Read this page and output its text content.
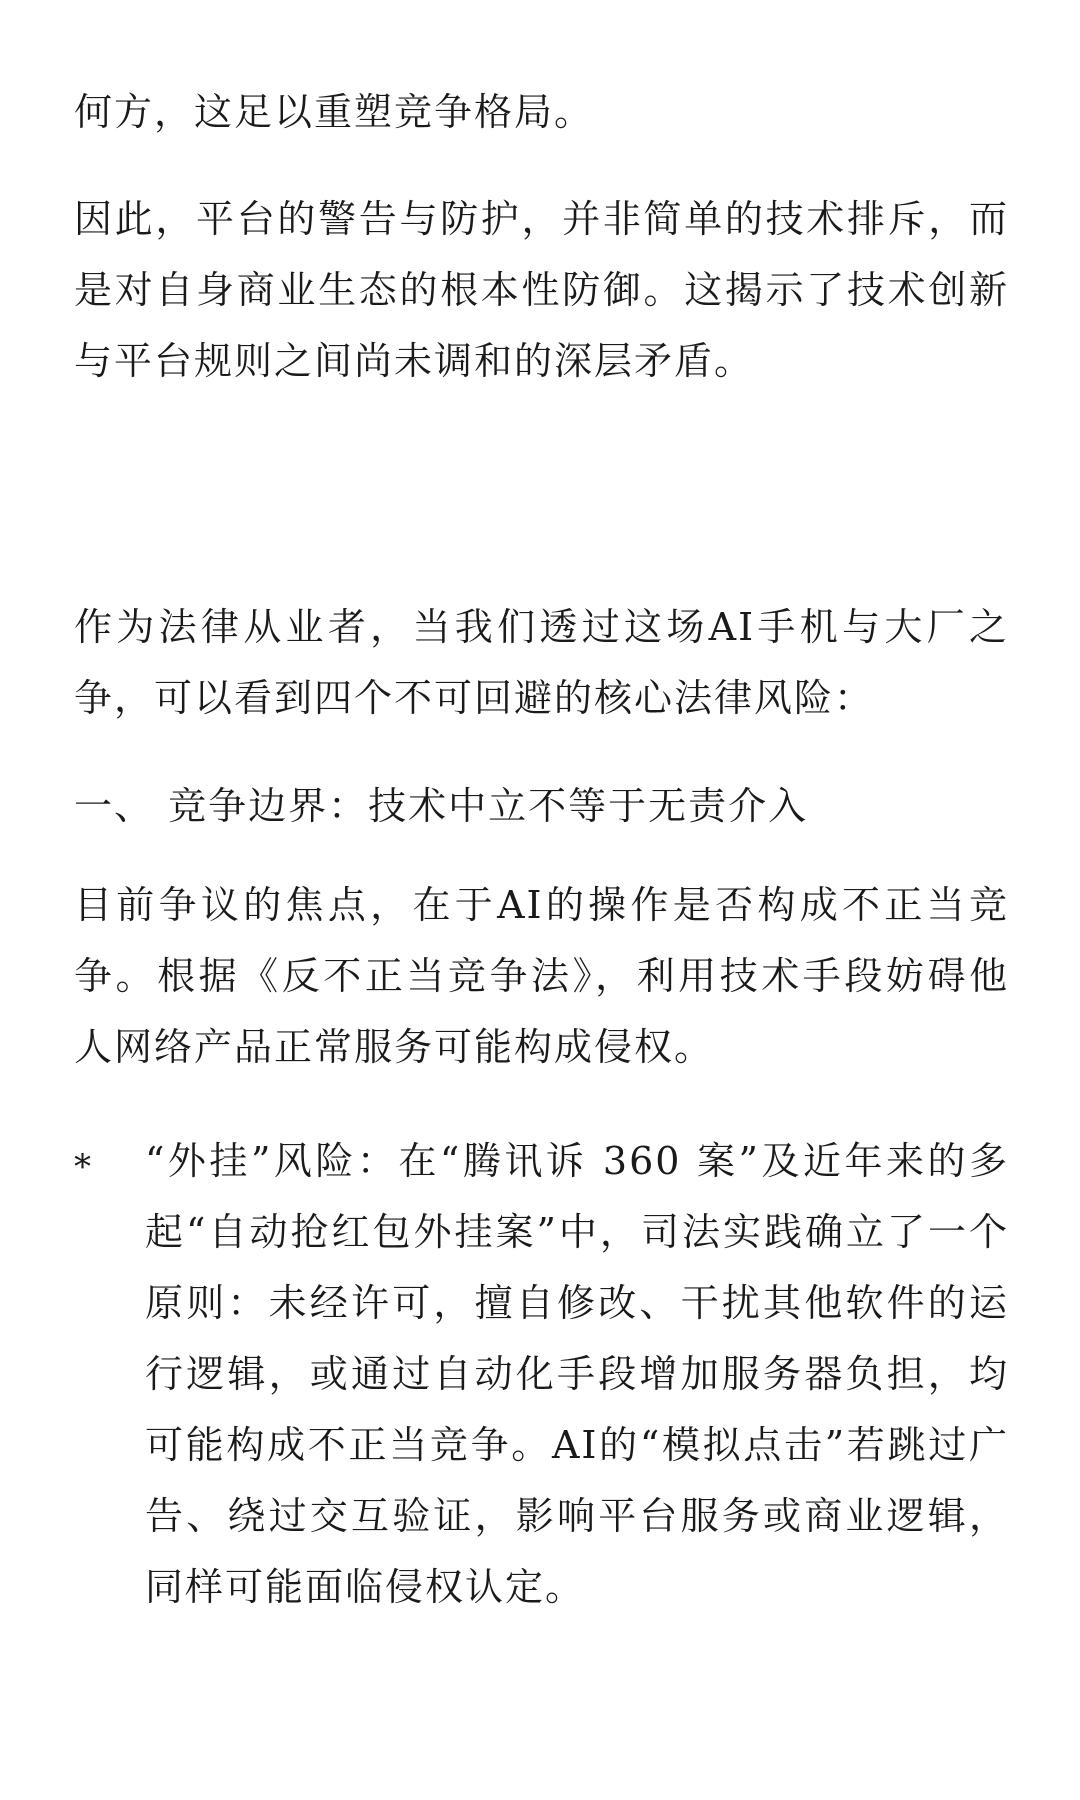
何方，这足以重塑竞争格局。

因此，平台的警告与防护，并非简单的技术排斥，而是对自身商业生态的根本性防御。这揭示了技术创新与平台规则之间尚未调和的深层矛盾。

作为法律从业者，当我们透过这场AI手机与大厂之争，可以看到四个不可回避的核心法律风险：

一、 竞争边界：技术中立不等于无责介入

目前争议的焦点，在于AI的操作是否构成不正当竞争。根据《反不正当竞争法》，利用技术手段妨碍他人网络产品正常服务可能构成侵权。

*	“外挂”风险：在“腾讯诉 360 案”及近年来的多起“自动抢红包外挂案”中，司法实践确立了一个原则：未经许可，擅自修改、干扰其他软件的运行逻辑，或通过自动化手段增加服务器负担，均可能构成不正当竞争。AI的“模拟点击”若跳过广告、绕过交互验证，影响平台服务或商业逻辑，同样可能面临侵权认定。
